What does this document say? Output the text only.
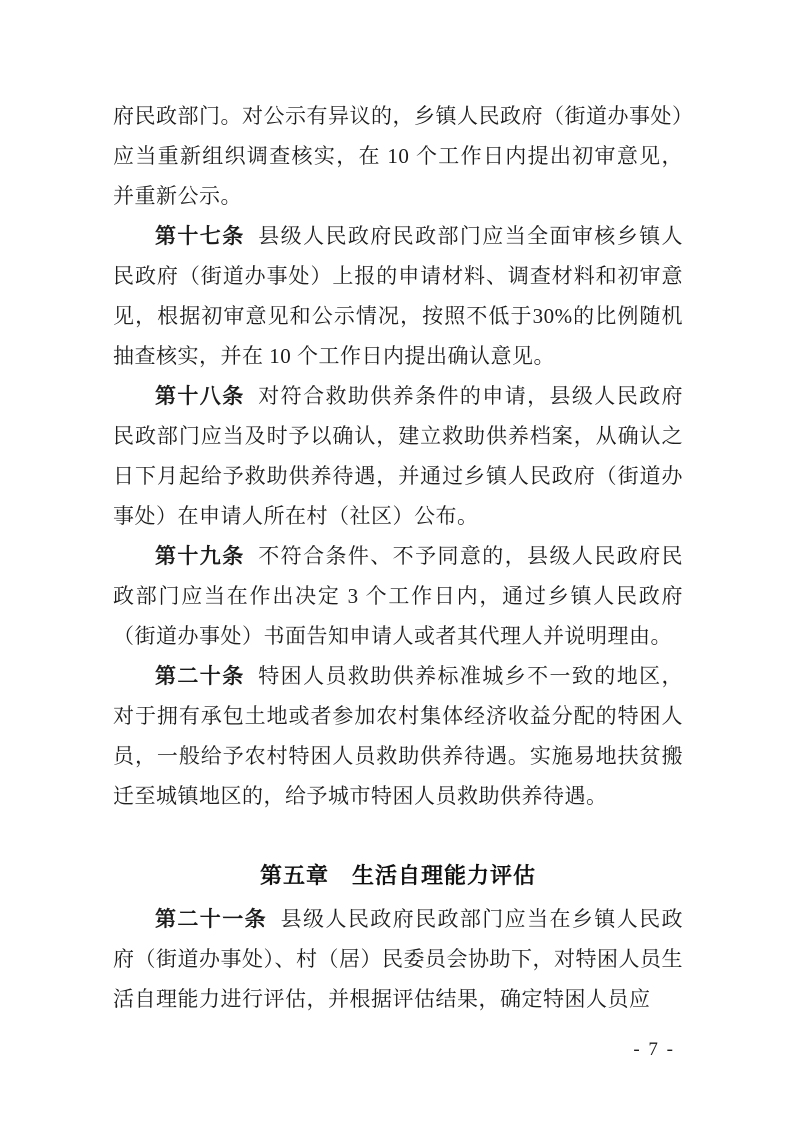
府民政部门。对公示有异议的，乡镇人民政府（街道办事处）应当重新组织调查核实，在 10 个工作日内提出初审意见，并重新公示。

第十七条 县级人民政府民政部门应当全面审核乡镇人民政府（街道办事处）上报的申请材料、调查材料和初审意见，根据初审意见和公示情况，按照不低于30%的比例随机抽查核实，并在 10 个工作日内提出确认意见。

第十八条 对符合救助供养条件的申请，县级人民政府民政部门应当及时予以确认，建立救助供养档案，从确认之日下月起给予救助供养待遇，并通过乡镇人民政府（街道办事处）在申请人所在村（社区）公布。

第十九条 不符合条件、不予同意的，县级人民政府民政部门应当在作出决定 3 个工作日内，通过乡镇人民政府（街道办事处）书面告知申请人或者其代理人并说明理由。

第二十条 特困人员救助供养标准城乡不一致的地区，对于拥有承包土地或者参加农村集体经济收益分配的特困人员，一般给予农村特困人员救助供养待遇。实施易地扶贫搬迁至城镇地区的，给予城市特困人员救助供养待遇。

第五章　生活自理能力评估

第二十一条 县级人民政府民政部门应当在乡镇人民政府（街道办事处）、村（居）民委员会协助下，对特困人员生活自理能力进行评估，并根据评估结果，确定特困人员应

- 7 -
